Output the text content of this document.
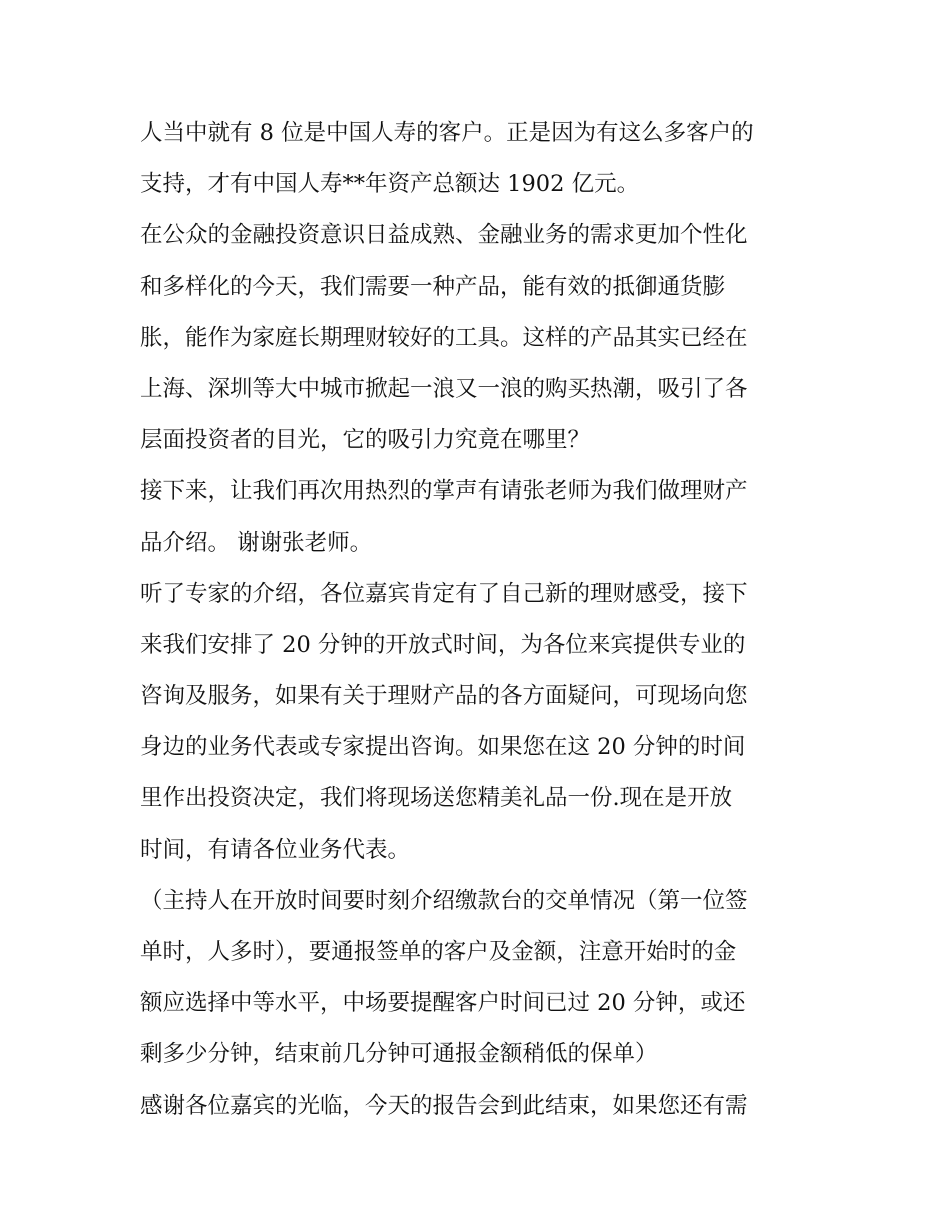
人当中就有 8 位是中国人寿的客户。正是因为有这么多客户的
支持，才有中国人寿**年资产总额达 1902 亿元。
在公众的金融投资意识日益成熟、金融业务的需求更加个性化
和多样化的今天，我们需要一种产品，能有效的抵御通货膨
胀，能作为家庭长期理财较好的工具。这样的产品其实已经在
上海、深圳等大中城市掀起一浪又一浪的购买热潮，吸引了各
层面投资者的目光，它的吸引力究竟在哪里？
接下来，让我们再次用热烈的掌声有请张老师为我们做理财产
品介绍。 谢谢张老师。
听了专家的介绍，各位嘉宾肯定有了自己新的理财感受，接下
来我们安排了 20 分钟的开放式时间，为各位来宾提供专业的
咨询及服务，如果有关于理财产品的各方面疑问，可现场向您
身边的业务代表或专家提出咨询。如果您在这 20 分钟的时间
里作出投资决定，我们将现场送您精美礼品一份.现在是开放
时间，有请各位业务代表。
（主持人在开放时间要时刻介绍缴款台的交单情况（第一位签
单时，人多时），要通报签单的客户及金额，注意开始时的金
额应选择中等水平，中场要提醒客户时间已过 20 分钟，或还
剩多少分钟，结束前几分钟可通报金额稍低的保单）
感谢各位嘉宾的光临，今天的报告会到此结束，如果您还有需
